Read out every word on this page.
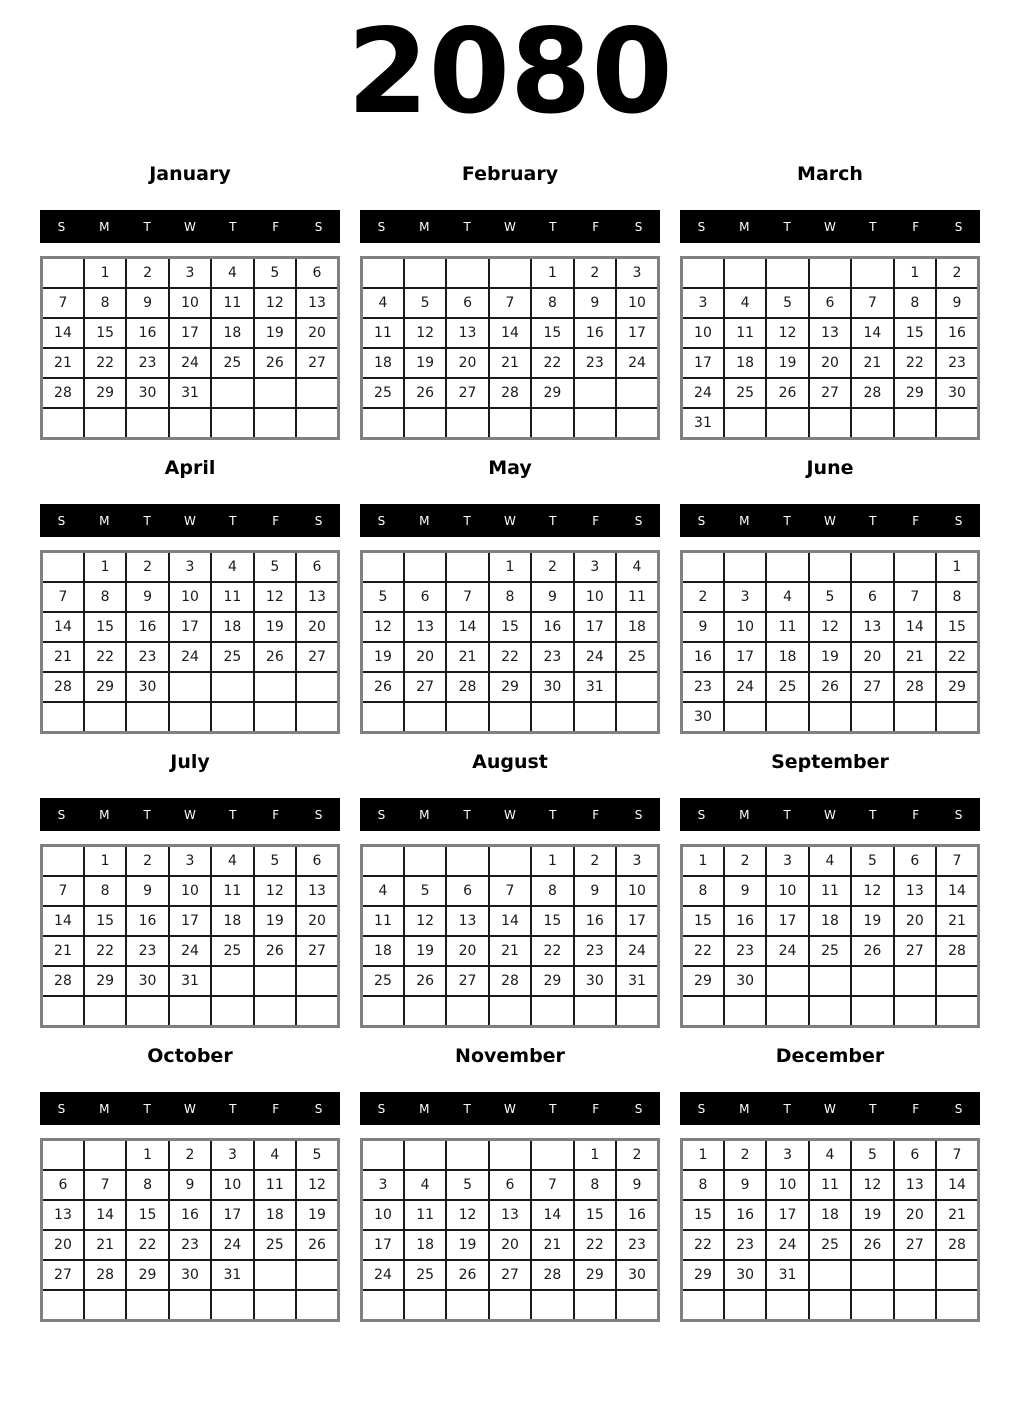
2080
January
S	M	T	W	T	F	S
	1	2	3	4	5	6
7	8	9	10	11	12	13
14	15	16	17	18	19	20
21	22	23	24	25	26	27
28	29	30	31			

February
S	M	T	W	T	F	S
				1	2	3
4	5	6	7	8	9	10
11	12	13	14	15	16	17
18	19	20	21	22	23	24
25	26	27	28	29		

March
S	M	T	W	T	F	S
					1	2
3	4	5	6	7	8	9
10	11	12	13	14	15	16
17	18	19	20	21	22	23
24	25	26	27	28	29	30
31						
April
S	M	T	W	T	F	S
	1	2	3	4	5	6
7	8	9	10	11	12	13
14	15	16	17	18	19	20
21	22	23	24	25	26	27
28	29	30				

May
S	M	T	W	T	F	S
			1	2	3	4
5	6	7	8	9	10	11
12	13	14	15	16	17	18
19	20	21	22	23	24	25
26	27	28	29	30	31	

June
S	M	T	W	T	F	S
						1
2	3	4	5	6	7	8
9	10	11	12	13	14	15
16	17	18	19	20	21	22
23	24	25	26	27	28	29
30						
July
S	M	T	W	T	F	S
	1	2	3	4	5	6
7	8	9	10	11	12	13
14	15	16	17	18	19	20
21	22	23	24	25	26	27
28	29	30	31			

August
S	M	T	W	T	F	S
				1	2	3
4	5	6	7	8	9	10
11	12	13	14	15	16	17
18	19	20	21	22	23	24
25	26	27	28	29	30	31

September
S	M	T	W	T	F	S
1	2	3	4	5	6	7
8	9	10	11	12	13	14
15	16	17	18	19	20	21
22	23	24	25	26	27	28
29	30					

October
S	M	T	W	T	F	S
		1	2	3	4	5
6	7	8	9	10	11	12
13	14	15	16	17	18	19
20	21	22	23	24	25	26
27	28	29	30	31		

November
S	M	T	W	T	F	S
					1	2
3	4	5	6	7	8	9
10	11	12	13	14	15	16
17	18	19	20	21	22	23
24	25	26	27	28	29	30

December
S	M	T	W	T	F	S
1	2	3	4	5	6	7
8	9	10	11	12	13	14
15	16	17	18	19	20	21
22	23	24	25	26	27	28
29	30	31				
